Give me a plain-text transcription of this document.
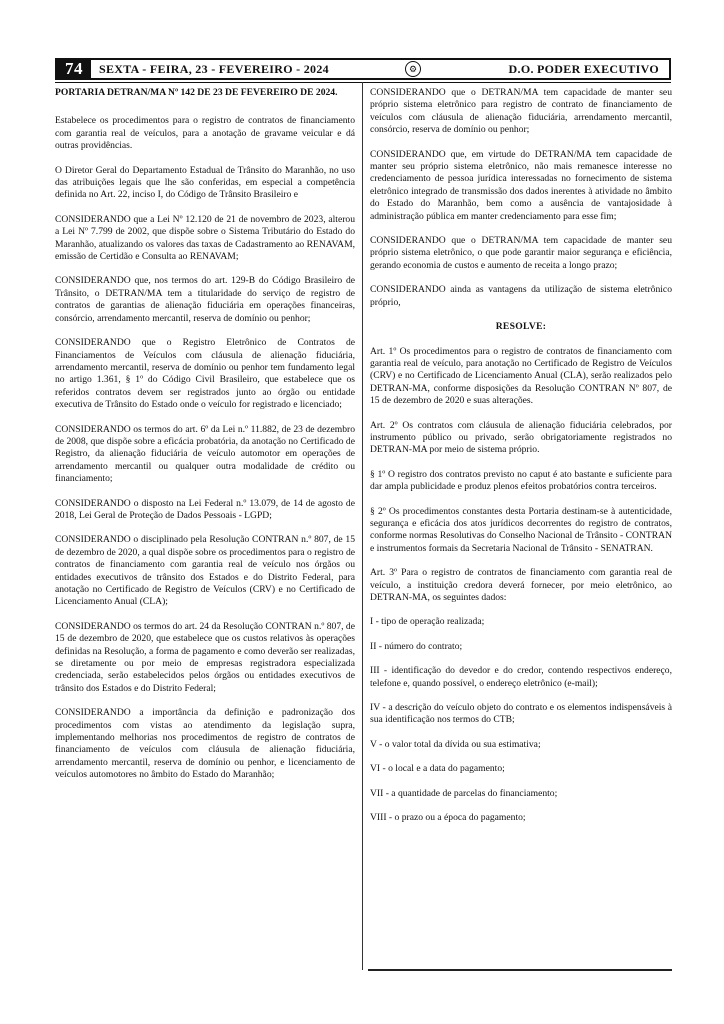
74	SEXTA - FEIRA, 23 - FEVEREIRO - 2024	⚙	D.O. PODER EXECUTIVO

PORTARIA DETRAN/MA Nº 142 DE 23 DE FEVEREIRO DE 2024.

Estabelece os procedimentos para o registro de contratos de financiamento com garantia real de veículos, para a anotação de gravame veicular e dá outras providências.

O Diretor Geral do Departamento Estadual de Trânsito do Maranhão, no uso das atribuições legais que lhe são conferidas, em especial a competência definida no Art. 22, inciso I, do Código de Trânsito Brasileiro e

CONSIDERANDO que a Lei Nº 12.120 de 21 de novembro de 2023, alterou a Lei Nº 7.799 de 2002, que dispõe sobre o Sistema Tributário do Estado do Maranhão, atualizando os valores das taxas de Cadastramento ao RENAVAM, emissão de Certidão e Consulta ao RENAVAM;

CONSIDERANDO que, nos termos do art. 129-B do Código Brasileiro de Trânsito, o DETRAN/MA tem a titularidade do serviço de registro de contratos de garantias de alienação fiduciária em operações financeiras, consórcio, arrendamento mercantil, reserva de domínio ou penhor;

CONSIDERANDO que o Registro Eletrônico de Contratos de Financiamentos de Veículos com cláusula de alienação fiduciária, arrendamento mercantil, reserva de domínio ou penhor tem fundamento legal no artigo 1.361, § 1º do Código Civil Brasileiro, que estabelece que os referidos contratos devem ser registrados junto ao órgão ou entidade executiva de Trânsito do Estado onde o veículo for registrado e licenciado;

CONSIDERANDO os termos do art. 6º da Lei n.º 11.882, de 23 de dezembro de 2008, que dispõe sobre a eficácia probatória, da anotação no Certificado de Registro, da alienação fiduciária de veículo automotor em operações de arrendamento mercantil ou qualquer outra modalidade de crédito ou financiamento;

CONSIDERANDO o disposto na Lei Federal n.º 13.079, de 14 de agosto de 2018, Lei Geral de Proteção de Dados Pessoais - LGPD;

CONSIDERANDO o disciplinado pela Resolução CONTRAN n.º 807, de 15 de dezembro de 2020, a qual dispõe sobre os procedimentos para o registro de contratos de financiamento com garantia real de veículo nos órgãos ou entidades executivos de trânsito dos Estados e do Distrito Federal, para anotação no Certificado de Registro de Veículos (CRV) e no Certificado de Licenciamento Anual (CLA);

CONSIDERANDO os termos do art. 24 da Resolução CONTRAN n.º 807, de 15 de dezembro de 2020, que estabelece que os custos relativos às operações definidas na Resolução, a forma de pagamento e como deverão ser realizadas, se diretamente ou por meio de empresas registradora especializada credenciada, serão estabelecidos pelos órgãos ou entidades executivos de trânsito dos Estados e do Distrito Federal;

CONSIDERANDO a importância da definição e padronização dos procedimentos com vistas ao atendimento da legislação supra, implementando melhorias nos procedimentos de registro de contratos de financiamento de veículos com cláusula de alienação fiduciária, arrendamento mercantil, reserva de domínio ou penhor, e licenciamento de veículos automotores no âmbito do Estado do Maranhão;

CONSIDERANDO que o DETRAN/MA tem capacidade de manter seu próprio sistema eletrônico para registro de contrato de financiamento de veículos com cláusula de alienação fiduciária, arrendamento mercantil, consórcio, reserva de domínio ou penhor;

CONSIDERANDO que, em virtude do DETRAN/MA tem capacidade de manter seu próprio sistema eletrônico, não mais remanesce interesse no credenciamento de pessoa jurídica interessadas no fornecimento de sistema eletrônico integrado de transmissão dos dados inerentes à atividade no âmbito do Estado do Maranhão, bem como a ausência de vantajosidade à administração pública em manter credenciamento para esse fim;

CONSIDERANDO que o DETRAN/MA tem capacidade de manter seu próprio sistema eletrônico, o que pode garantir maior segurança e eficiência, gerando economia de custos e aumento de receita a longo prazo;

CONSIDERANDO ainda as vantagens da utilização de sistema eletrônico próprio,

RESOLVE:

Art. 1º Os procedimentos para o registro de contratos de financiamento com garantia real de veículo, para anotação no Certificado de Registro de Veículos (CRV) e no Certificado de Licenciamento Anual (CLA), serão realizados pelo DETRAN-MA, conforme disposições da Resolução CONTRAN Nº 807, de 15 de dezembro de 2020 e suas alterações.

Art. 2º Os contratos com cláusula de alienação fiduciária celebrados, por instrumento público ou privado, serão obrigatoriamente registrados no DETRAN-MA por meio de sistema próprio.

§ 1º O registro dos contratos previsto no caput é ato bastante e suficiente para dar ampla publicidade e produz plenos efeitos probatórios contra terceiros.

§ 2º Os procedimentos constantes desta Portaria destinam-se à autenticidade, segurança e eficácia dos atos jurídicos decorrentes do registro de contratos, conforme normas Resolutivas do Conselho Nacional de Trânsito - CONTRAN e instrumentos formais da Secretaria Nacional de Trânsito - SENATRAN.

Art. 3º Para o registro de contratos de financiamento com garantia real de veículo, a instituição credora deverá fornecer, por meio eletrônico, ao DETRAN-MA, os seguintes dados:

I - tipo de operação realizada;

II - número do contrato;

III - identificação do devedor e do credor, contendo respectivos endereço, telefone e, quando possível, o endereço eletrônico (e-mail);

IV - a descrição do veículo objeto do contrato e os elementos indispensáveis à sua identificação nos termos do CTB;

V - o valor total da dívida ou sua estimativa;

VI - o local e a data do pagamento;

VII - a quantidade de parcelas do financiamento;

VIII - o prazo ou a época do pagamento;
